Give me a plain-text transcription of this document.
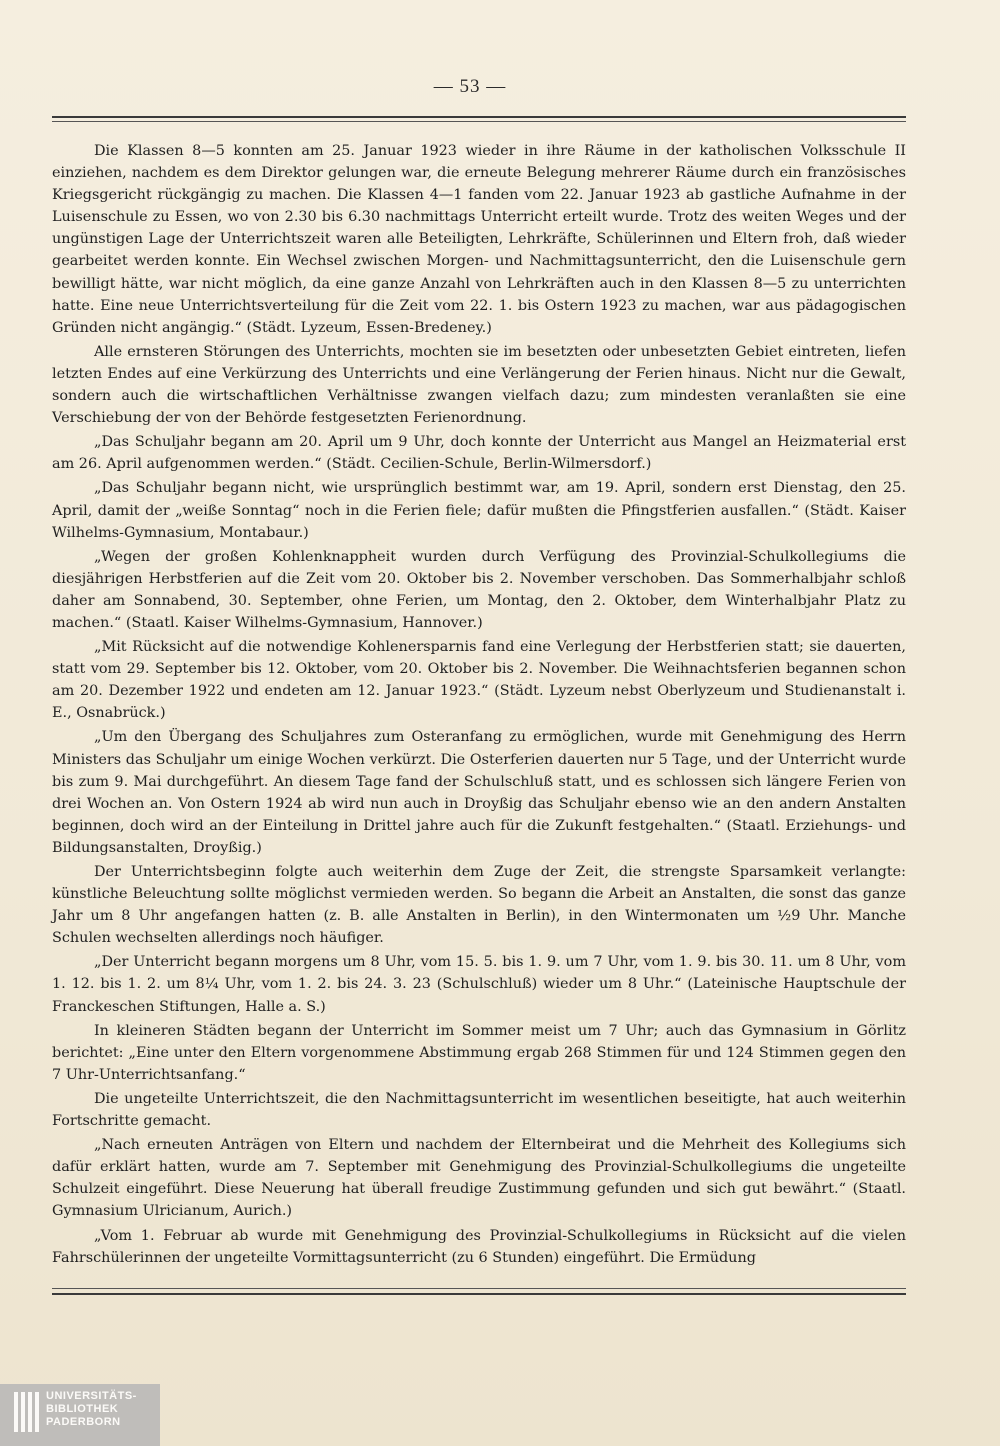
— 53 —

Die Klassen 8—5 konnten am 25. Januar 1923 wieder in ihre Räume in der katholischen Volksschule II einziehen, nachdem es dem Direktor gelungen war, die erneute Belegung mehrerer Räume durch ein französisches Kriegsgericht rückgängig zu machen. Die Klassen 4—1 fanden vom 22. Januar 1923 ab gastliche Aufnahme in der Luisenschule zu Essen, wo von 2.30 bis 6.30 nachmittags Unterricht erteilt wurde. Trotz des weiten Weges und der ungünstigen Lage der Unterrichtszeit waren alle Beteiligten, Lehrkräfte, Schülerinnen und Eltern froh, daß wieder gearbeitet werden konnte. Ein Wechsel zwischen Morgen- und Nachmittagsunterricht, den die Luisenschule gern bewilligt hätte, war nicht möglich, da eine ganze Anzahl von Lehrkräften auch in den Klassen 8—5 zu unterrichten hatte. Eine neue Unterrichtsverteilung für die Zeit vom 22. 1. bis Ostern 1923 zu machen, war aus pädagogischen Gründen nicht angängig.“ (Städt. Lyzeum, Essen-Bredeney.)

Alle ernsteren Störungen des Unterrichts, mochten sie im besetzten oder unbesetzten Gebiet eintreten, liefen letzten Endes auf eine Verkürzung des Unterrichts und eine Verlängerung der Ferien hinaus. Nicht nur die Gewalt, sondern auch die wirtschaftlichen Verhältnisse zwangen vielfach dazu; zum mindesten veranlaßten sie eine Verschiebung der von der Behörde festgesetzten Ferienordnung.

„Das Schuljahr begann am 20. April um 9 Uhr, doch konnte der Unterricht aus Mangel an Heizmaterial erst am 26. April aufgenommen werden.“ (Städt. Cecilien-Schule, Berlin-Wilmersdorf.)

„Das Schuljahr begann nicht, wie ursprünglich bestimmt war, am 19. April, sondern erst Dienstag, den 25. April, damit der „weiße Sonntag“ noch in die Ferien fiele; dafür mußten die Pfingstferien ausfallen.“ (Städt. Kaiser Wilhelms-Gymnasium, Montabaur.)

„Wegen der großen Kohlenknappheit wurden durch Verfügung des Provinzial-Schulkollegiums die diesjährigen Herbstferien auf die Zeit vom 20. Oktober bis 2. November verschoben. Das Sommerhalbjahr schloß daher am Sonnabend, 30. September, ohne Ferien, um Montag, den 2. Oktober, dem Winterhalbjahr Platz zu machen.“ (Staatl. Kaiser Wilhelms-Gymnasium, Hannover.)

„Mit Rücksicht auf die notwendige Kohlenersparnis fand eine Verlegung der Herbstferien statt; sie dauerten, statt vom 29. September bis 12. Oktober, vom 20. Oktober bis 2. November. Die Weihnachtsferien begannen schon am 20. Dezember 1922 und endeten am 12. Januar 1923.“ (Städt. Lyzeum nebst Oberlyzeum und Studienanstalt i. E., Osnabrück.)

„Um den Übergang des Schuljahres zum Osteranfang zu ermöglichen, wurde mit Genehmigung des Herrn Ministers das Schuljahr um einige Wochen verkürzt. Die Osterferien dauerten nur 5 Tage, und der Unterricht wurde bis zum 9. Mai durchgeführt. An diesem Tage fand der Schulschluß statt, und es schlossen sich längere Ferien von drei Wochen an. Von Ostern 1924 ab wird nun auch in Droyßig das Schuljahr ebenso wie an den andern Anstalten beginnen, doch wird an der Einteilung in Drittel jahre auch für die Zukunft festgehalten.“ (Staatl. Erziehungs- und Bildungsanstalten, Droyßig.)

Der Unterrichtsbeginn folgte auch weiterhin dem Zuge der Zeit, die strengste Sparsamkeit verlangte: künstliche Beleuchtung sollte möglichst vermieden werden. So begann die Arbeit an Anstalten, die sonst das ganze Jahr um 8 Uhr angefangen hatten (z. B. alle Anstalten in Berlin), in den Wintermonaten um ½9 Uhr. Manche Schulen wechselten allerdings noch häufiger.

„Der Unterricht begann morgens um 8 Uhr, vom 15. 5. bis 1. 9. um 7 Uhr, vom 1. 9. bis 30. 11. um 8 Uhr, vom 1. 12. bis 1. 2. um 8¼ Uhr, vom 1. 2. bis 24. 3. 23 (Schulschluß) wieder um 8 Uhr.“ (Lateinische Hauptschule der Franckeschen Stiftungen, Halle a. S.)

In kleineren Städten begann der Unterricht im Sommer meist um 7 Uhr; auch das Gymnasium in Görlitz berichtet: „Eine unter den Eltern vorgenommene Abstimmung ergab 268 Stimmen für und 124 Stimmen gegen den 7 Uhr-Unterrichtsanfang.“

Die ungeteilte Unterrichtszeit, die den Nachmittagsunterricht im wesentlichen beseitigte, hat auch weiterhin Fortschritte gemacht.

„Nach erneuten Anträgen von Eltern und nachdem der Elternbeirat und die Mehrheit des Kollegiums sich dafür erklärt hatten, wurde am 7. September mit Genehmigung des Provinzial-Schulkollegiums die ungeteilte Schulzeit eingeführt. Diese Neuerung hat überall freudige Zustimmung gefunden und sich gut bewährt.“ (Staatl. Gymnasium Ulricianum, Aurich.)

„Vom 1. Februar ab wurde mit Genehmigung des Provinzial-Schulkollegiums in Rücksicht auf die vielen Fahrschülerinnen der ungeteilte Vormittagsunterricht (zu 6 Stunden) eingeführt. Die Ermüdung

UNIVERSITÄTS-
BIBLIOTHEK
PADERBORN
